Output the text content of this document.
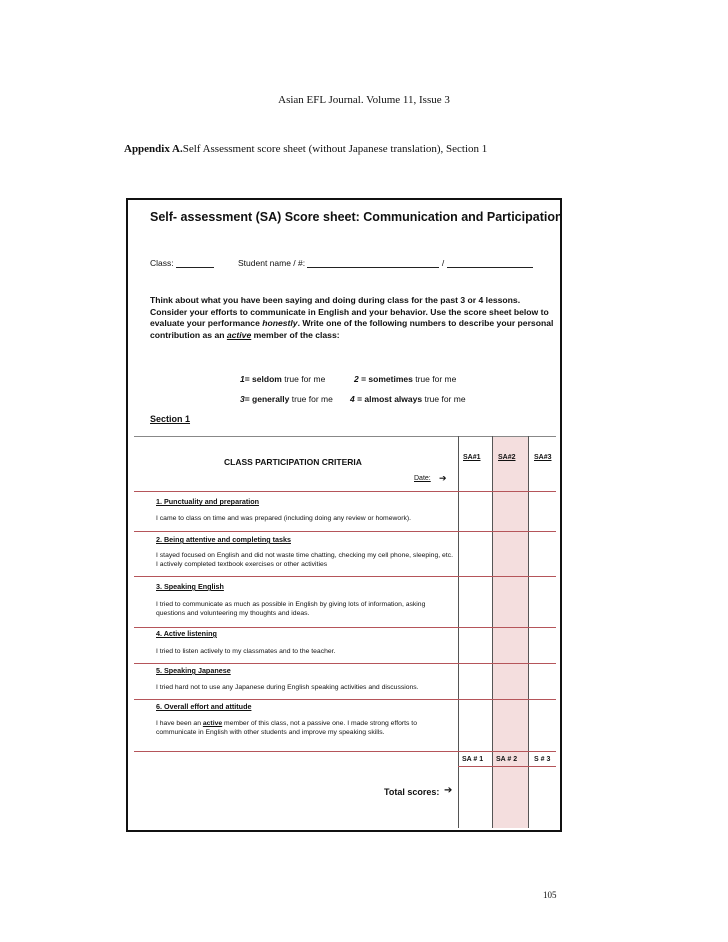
Asian EFL Journal. Volume 11, Issue 3
Appendix A.Self Assessment score sheet (without Japanese translation), Section 1
Self- assessment (SA) Score sheet: Communication and Participation
Class:	Student name / #:	/
Think about what you have been saying and doing during class for the past 3 or 4 lessons. Consider your efforts to communicate in English and your behavior. Use the score sheet below to evaluate your performance honestly. Write one of the following numbers to describe your personal contribution as an active member of the class:
1= seldom true for me	2 = sometimes true for me
3= generally true for me 4 = almost always true for me
Section 1
CLASS PARTICIPATION CRITERIA
Date: ➔
SA#1 SA#2	SA#3
1. Punctuality and preparation
I came to class on time and was prepared (including doing any review or homework).
2. Being attentive and completing tasks
I stayed focused on English and did not waste time chatting, checking my cell phone, sleeping, etc. I actively completed textbook exercises or other activities
3. Speaking English
I tried to communicate as much as possible in English by giving lots of information, asking questions and volunteering my thoughts and ideas.
4. Active listening
I tried to listen actively to my classmates and to the teacher.
5. Speaking Japanese
I tried hard not to use any Japanese during English speaking activities and discussions.
6. Overall effort and attitude
I have been an active member of this class, not a passive one. I made strong efforts to communicate in English with other students and improve my speaking skills.
SA # 1 SA # 2 S # 3
Total scores: ➔
105
